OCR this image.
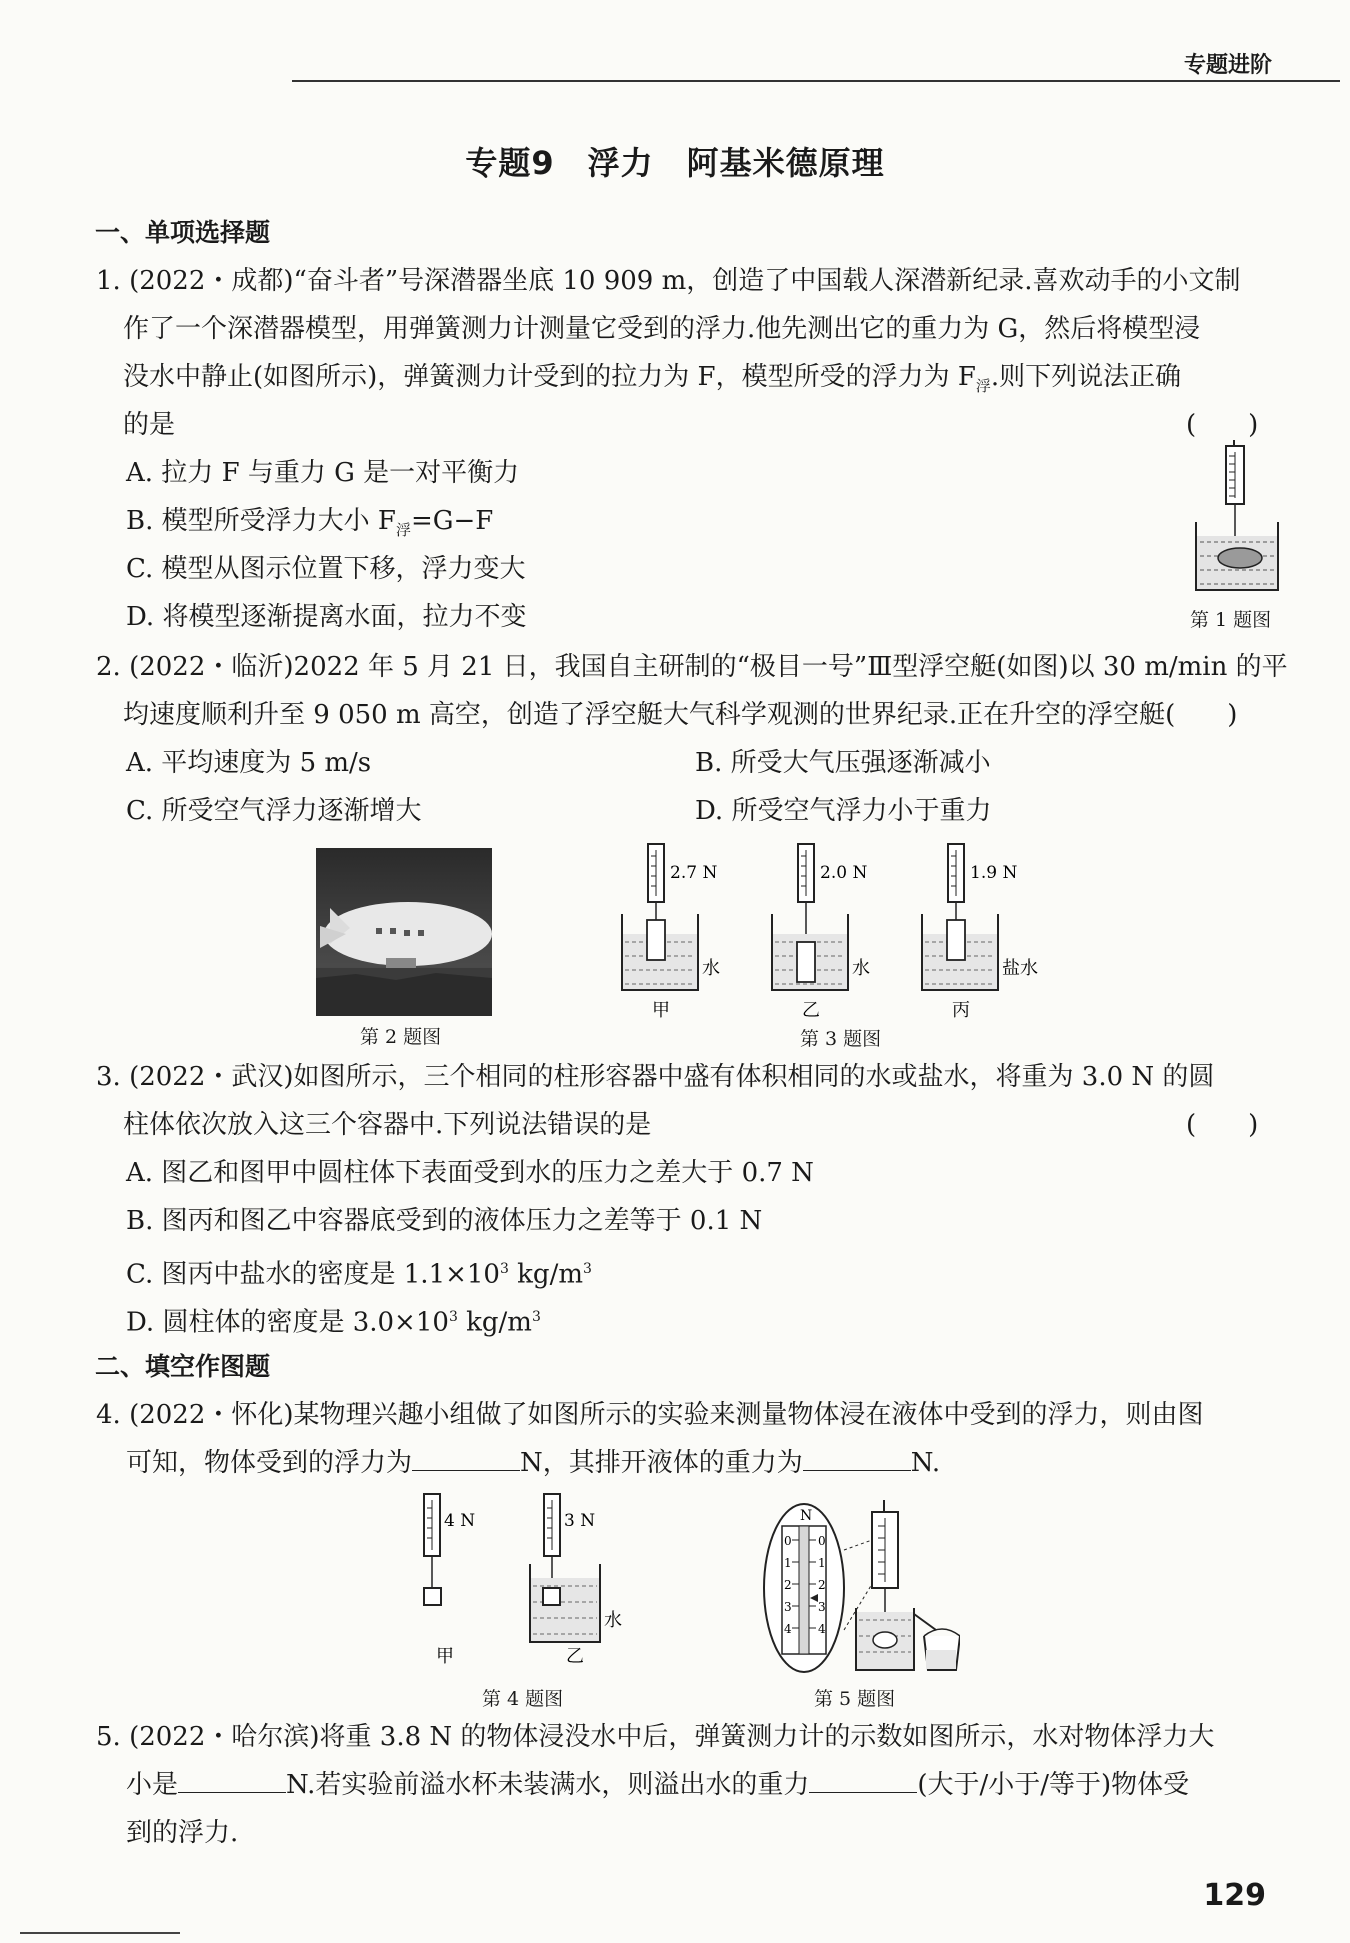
专题进阶
专题9　浮力　阿基米德原理
一、单项选择题
1. (2022・成都)“奋斗者”号深潜器坐底 10 909 m，创造了中国载人深潜新纪录.喜欢动手的小文制
作了一个深潜器模型，用弹簧测力计测量它受到的浮力.他先测出它的重力为 G，然后将模型浸
没水中静止(如图所示)，弹簧测力计受到的拉力为 F，模型所受的浮力为 $F_浮$.则下列说法正确
的是	(　　)
A. 拉力 F 与重力 G 是一对平衡力
B. 模型所受浮力大小 $F_浮=G-F$
C. 模型从图示位置下移，浮力变大
D. 将模型逐渐提离水面，拉力不变	第 1 题图
2. (2022・临沂)2022 年 5 月 21 日，我国自主研制的“极目一号”Ⅲ型浮空艇(如图)以 30 m/min 的平
均速度顺利升至 9 050 m 高空，创造了浮空艇大气科学观测的世界纪录.正在升空的浮空艇(　　)
A. 平均速度为 5 m/s	B. 所受大气压强逐渐减小
C. 所受空气浮力逐渐增大	D. 所受空气浮力小于重力
第 2 题图
2.7 N	2.0 N	1.9 N
水	水	盐水
甲	乙	丙
第 3 题图
3. (2022・武汉)如图所示，三个相同的柱形容器中盛有体积相同的水或盐水，将重为 3.0 N 的圆
柱体依次放入这三个容器中.下列说法错误的是	(　　)
A. 图乙和图甲中圆柱体下表面受到水的压力之差大于 0.7 N
B. 图丙和图乙中容器底受到的液体压力之差等于 0.1 N
C. 图丙中盐水的密度是 $1.1\times 10^3$ $kg/m^3$
D. 圆柱体的密度是 $3.0\times 10^3$ $kg/m^3$
二、填空作图题
4. (2022・怀化)某物理兴趣小组做了如图所示的实验来测量物体浸在液体中受到的浮力，则由图
可知，物体受到的浮力为	N，其排开液体的重力为	N.
4 N	3 N
水
甲	乙
第 4 题图
N
0 0
1 1
2 2
3 3
4 4
第 5 题图
5. (2022・哈尔滨)将重 3.8 N 的物体浸没水中后，弹簧测力计的示数如图所示，水对物体浮力大
小是	N.若实验前溢水杯未装满水，则溢出水的重力	(大于/小于/等于)物体受
到的浮力.
129
